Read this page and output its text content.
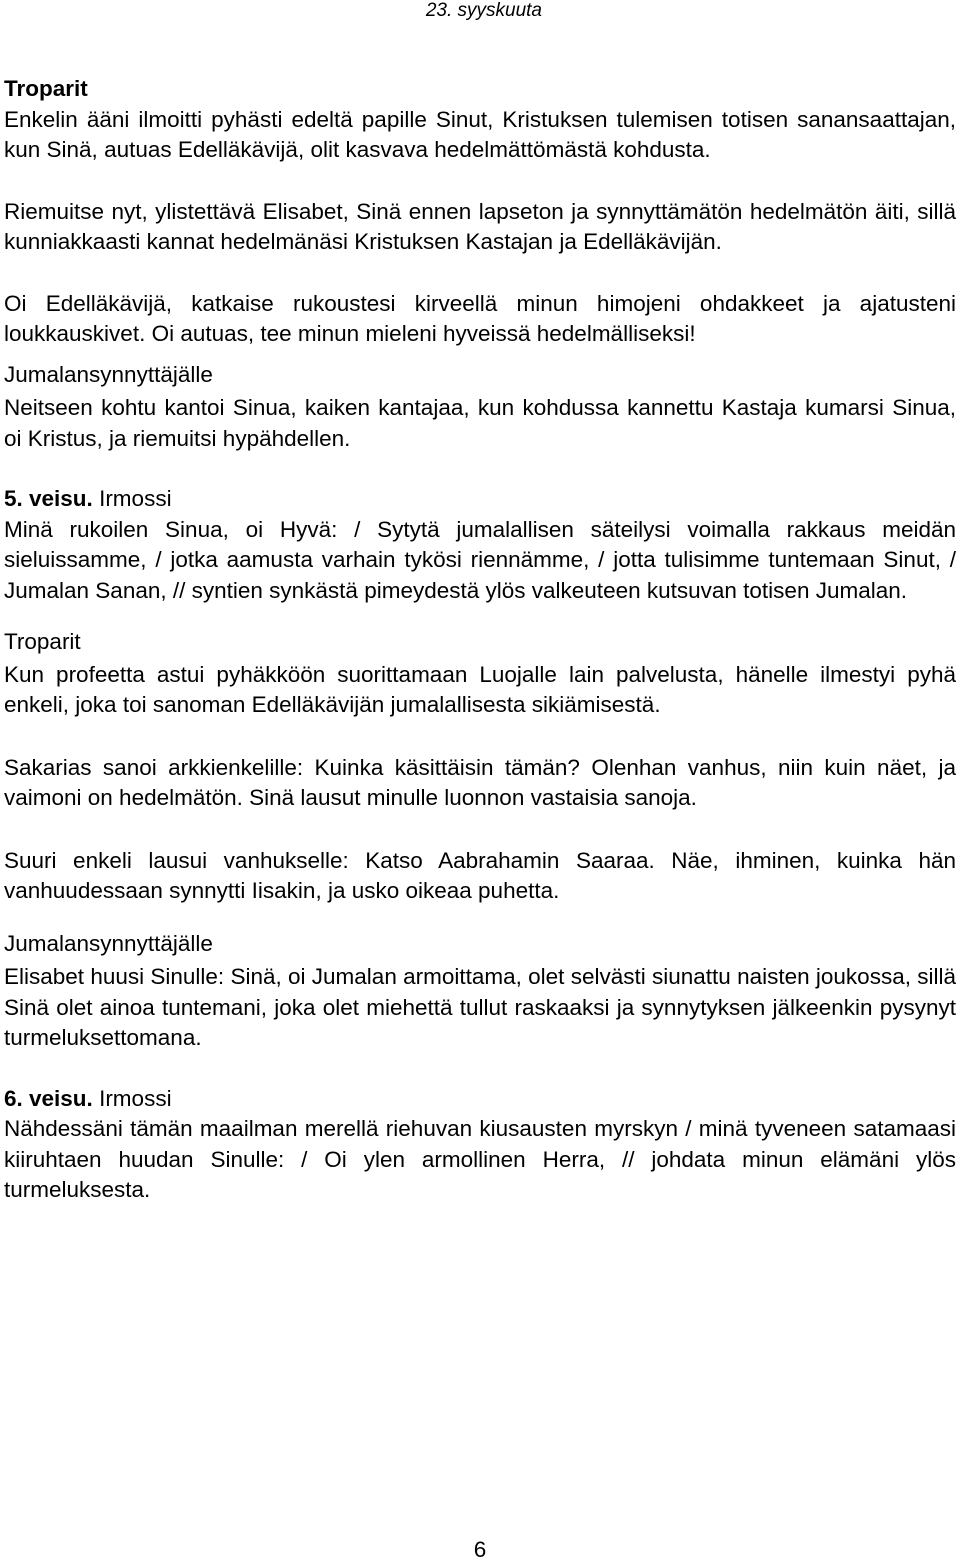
23. syyskuuta
Troparit

Enkelin ääni ilmoitti pyhästi edeltä papille Sinut, Kristuksen tulemisen totisen sanansaattajan, kun Sinä, autuas Edelläkävijä, olit kasvava hedelmättömästä kohdusta.

Riemuitse nyt, ylistettävä Elisabet, Sinä ennen lapseton ja synnyttämätön hedelmätön äiti, sillä kunniakkaasti kannat hedelmänäsi Kristuksen Kastajan ja Edelläkävijän.

Oi Edelläkävijä, katkaise rukoustesi kirveellä minun himojeni ohdakkeet ja ajatusteni loukkauskivet. Oi autuas, tee minun mieleni hyveissä hedelmälliseksi!

Jumalansynnyttäjälle

Neitseen kohtu kantoi Sinua, kaiken kantajaa, kun kohdussa kannettu Kastaja kumarsi Sinua, oi Kristus, ja riemuitsi hypähdellen.

5. veisu. Irmossi

Minä rukoilen Sinua, oi Hyvä: / Sytytä jumalallisen säteilysi voimalla rakkaus meidän sieluissamme, / jotka aamusta varhain tykösi riennämme, / jotta tulisimme tuntemaan Sinut, / Jumalan Sanan, // syntien synkästä pimeydestä ylös valkeuteen kutsuvan totisen Jumalan.

Troparit

Kun profeetta astui pyhäkköön suorittamaan Luojalle lain palvelusta, hänelle ilmestyi pyhä enkeli, joka toi sanoman Edelläkävijän jumalallisesta sikiämisestä.

Sakarias sanoi arkkienkelille: Kuinka käsittäisin tämän? Olenhan vanhus, niin kuin näet, ja vaimoni on hedelmätön. Sinä lausut minulle luonnon vastaisia sanoja.

Suuri enkeli lausui vanhukselle: Katso Aabrahamin Saaraa. Näe, ihminen, kuinka hän vanhuudessaan synnytti Iisakin, ja usko oikeaa puhetta.

Jumalansynnyttäjälle

Elisabet huusi Sinulle: Sinä, oi Jumalan armoittama, olet selvästi siunattu naisten joukossa, sillä Sinä olet ainoa tuntemani, joka olet miehettä tullut raskaaksi ja synnytyksen jälkeenkin pysynyt turmeluksettomana.

6. veisu. Irmossi

Nähdessäni tämän maailman merellä riehuvan kiusausten myrskyn / minä tyveneen satamaasi kiiruhtaen huudan Sinulle: / Oi ylen armollinen Herra, // johdata minun elämäni ylös turmeluksesta.

6
